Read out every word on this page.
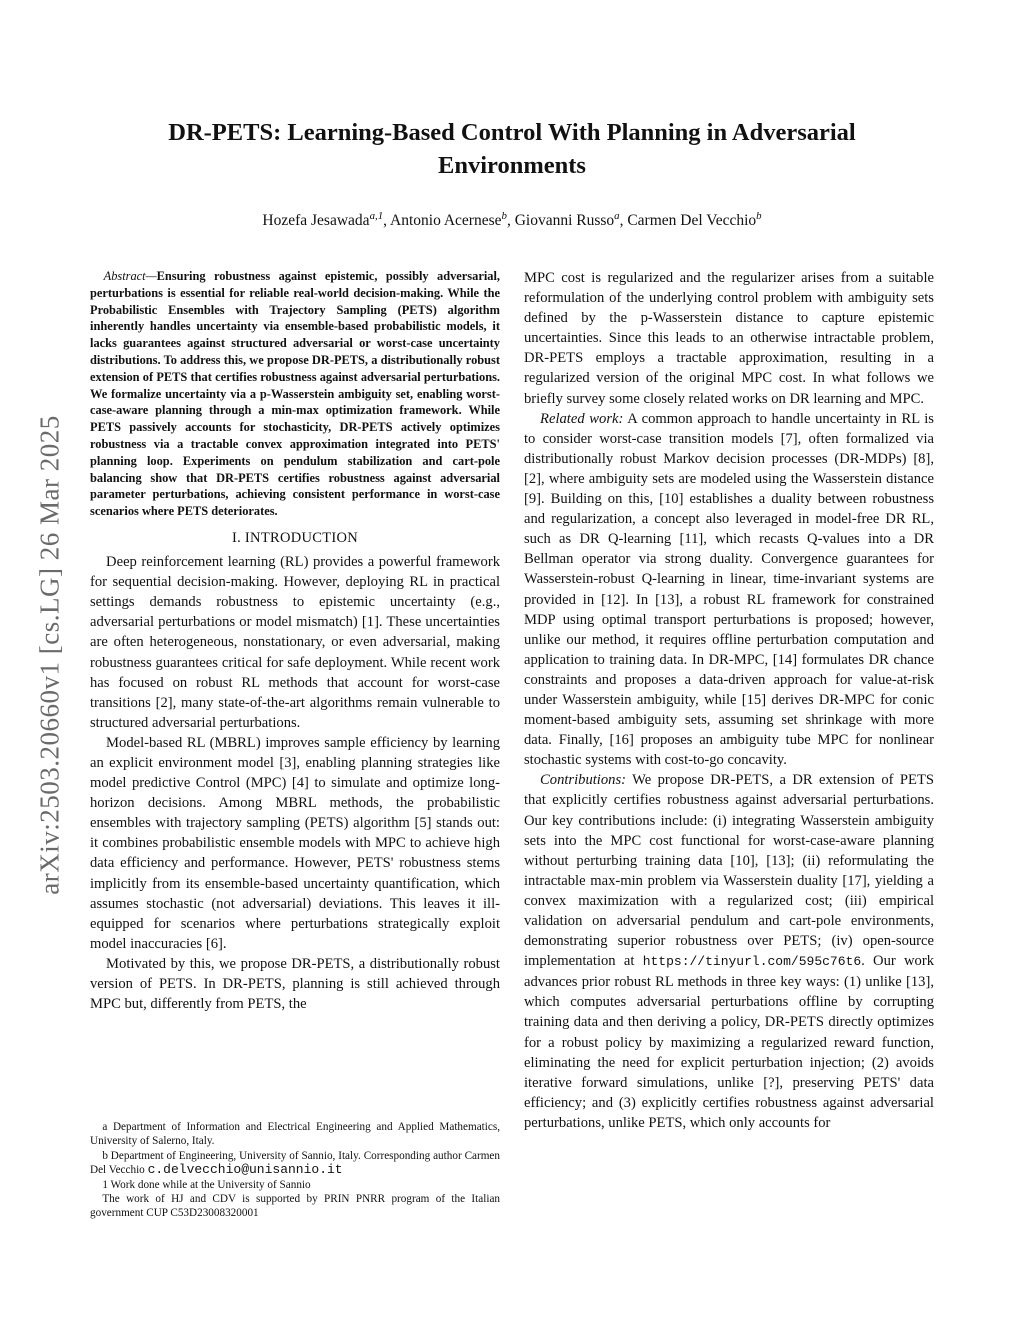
arXiv:2503.20660v1 [cs.LG] 26 Mar 2025
DR-PETS: Learning-Based Control With Planning in Adversarial Environments
Hozefa Jesawada$^{a,1}$, Antonio Acernese$^b$, Giovanni Russo$^a$, Carmen Del Vecchio$^b$

Abstract—Ensuring robustness against epistemic, possibly adversarial, perturbations is essential for reliable real-world decision-making. While the Probabilistic Ensembles with Trajectory Sampling (PETS) algorithm inherently handles uncertainty via ensemble-based probabilistic models, it lacks guarantees against structured adversarial or worst-case uncertainty distributions. To address this, we propose DR-PETS, a distributionally robust extension of PETS that certifies robustness against adversarial perturbations. We formalize uncertainty via a p-Wasserstein ambiguity set, enabling worst-case-aware planning through a min-max optimization framework. While PETS passively accounts for stochasticity, DR-PETS actively optimizes robustness via a tractable convex approximation integrated into PETS' planning loop. Experiments on pendulum stabilization and cart-pole balancing show that DR-PETS certifies robustness against adversarial parameter perturbations, achieving consistent performance in worst-case scenarios where PETS deteriorates.

I. INTRODUCTION

Deep reinforcement learning (RL) provides a powerful framework for sequential decision-making. However, deploying RL in practical settings demands robustness to epistemic uncertainty (e.g., adversarial perturbations or model mismatch) [1]. These uncertainties are often heterogeneous, nonstationary, or even adversarial, making robustness guarantees critical for safe deployment. While recent work has focused on robust RL methods that account for worst-case transitions [2], many state-of-the-art algorithms remain vulnerable to structured adversarial perturbations.

Model-based RL (MBRL) improves sample efficiency by learning an explicit environment model [3], enabling planning strategies like model predictive Control (MPC) [4] to simulate and optimize long-horizon decisions. Among MBRL methods, the probabilistic ensembles with trajectory sampling (PETS) algorithm [5] stands out: it combines probabilistic ensemble models with MPC to achieve high data efficiency and performance. However, PETS' robustness stems implicitly from its ensemble-based uncertainty quantification, which assumes stochastic (not adversarial) deviations. This leaves it ill-equipped for scenarios where perturbations strategically exploit model inaccuracies [6].

Motivated by this, we propose DR-PETS, a distributionally robust version of PETS. In DR-PETS, planning is still achieved through MPC but, differently from PETS, the

a Department of Information and Electrical Engineering and Applied Mathematics, University of Salerno, Italy.

b Department of Engineering, University of Sannio, Italy. Corresponding author Carmen Del Vecchio c.delvecchio@unisannio.it

1 Work done while at the University of Sannio

The work of HJ and CDV is supported by PRIN PNRR program of the Italian government CUP C53D23008320001

MPC cost is regularized and the regularizer arises from a suitable reformulation of the underlying control problem with ambiguity sets defined by the p-Wasserstein distance to capture epistemic uncertainties. Since this leads to an otherwise intractable problem, DR-PETS employs a tractable approximation, resulting in a regularized version of the original MPC cost. In what follows we briefly survey some closely related works on DR learning and MPC.

Related work: A common approach to handle uncertainty in RL is to consider worst-case transition models [7], often formalized via distributionally robust Markov decision processes (DR-MDPs) [8], [2], where ambiguity sets are modeled using the Wasserstein distance [9]. Building on this, [10] establishes a duality between robustness and regularization, a concept also leveraged in model-free DR RL, such as DR Q-learning [11], which recasts Q-values into a DR Bellman operator via strong duality. Convergence guarantees for Wasserstein-robust Q-learning in linear, time-invariant systems are provided in [12]. In [13], a robust RL framework for constrained MDP using optimal transport perturbations is proposed; however, unlike our method, it requires offline perturbation computation and application to training data. In DR-MPC, [14] formulates DR chance constraints and proposes a data-driven approach for value-at-risk under Wasserstein ambiguity, while [15] derives DR-MPC for conic moment-based ambiguity sets, assuming set shrinkage with more data. Finally, [16] proposes an ambiguity tube MPC for nonlinear stochastic systems with cost-to-go concavity.

Contributions: We propose DR-PETS, a DR extension of PETS that explicitly certifies robustness against adversarial perturbations. Our key contributions include: (i) integrating Wasserstein ambiguity sets into the MPC cost functional for worst-case-aware planning without perturbing training data [10], [13]; (ii) reformulating the intractable max-min problem via Wasserstein duality [17], yielding a convex maximization with a regularized cost; (iii) empirical validation on adversarial pendulum and cart-pole environments, demonstrating superior robustness over PETS; (iv) open-source implementation at https://tinyurl.com/595c76t6. Our work advances prior robust RL methods in three key ways: (1) unlike [13], which computes adversarial perturbations offline by corrupting training data and then deriving a policy, DR-PETS directly optimizes for a robust policy by maximizing a regularized reward function, eliminating the need for explicit perturbation injection; (2) avoids iterative forward simulations, unlike [?], preserving PETS' data efficiency; and (3) explicitly certifies robustness against adversarial perturbations, unlike PETS, which only accounts for
